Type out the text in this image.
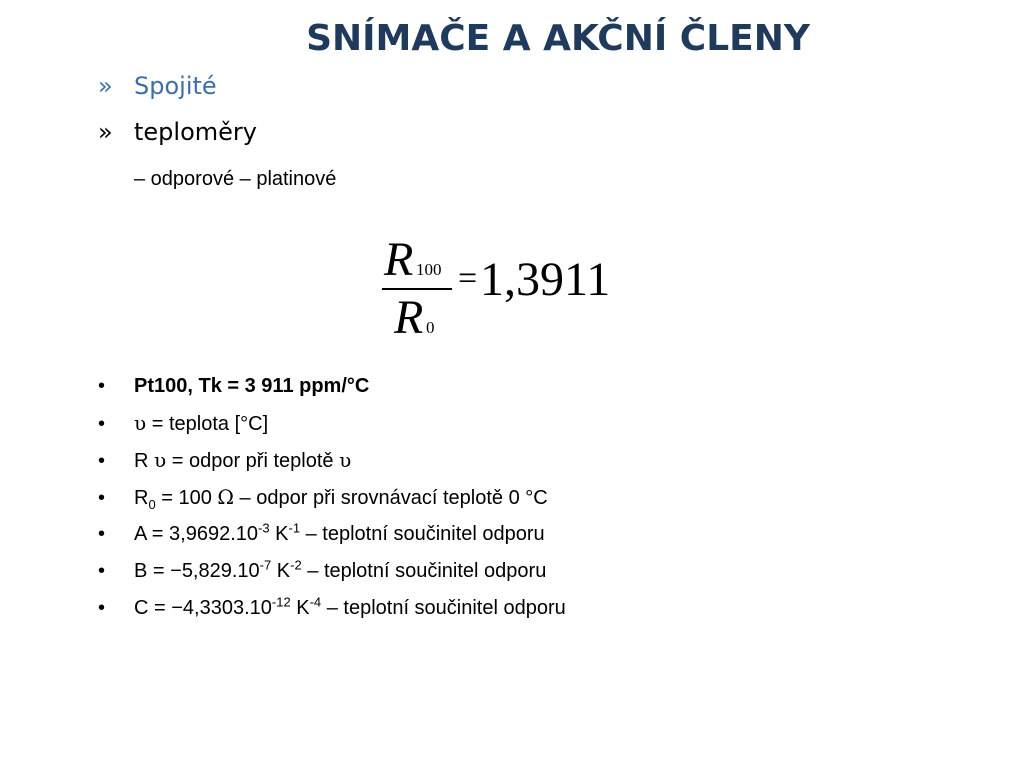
SNÍMAČE A AKČNÍ ČLENY
» Spojité
» teploměry
– odporové – platinové
R 100
R 0
= 1,3911
• Pt100, Tk = 3 911 ppm/°C
• υ = teplota [°C]
• R υ = odpor při teplotě υ
• $R_0 = 100$ Ω – odpor při srovnávací teplotě 0 °C
• $A = 3,9692.10^{-3}$ $K^{-1}$ – teplotní součinitel odporu
• $B = -5,829.10^{-7}$ $K^{-2}$ – teplotní součinitel odporu
• $C = -4,3303.10^{-12}$ $K^{-4}$ – teplotní součinitel odporu
